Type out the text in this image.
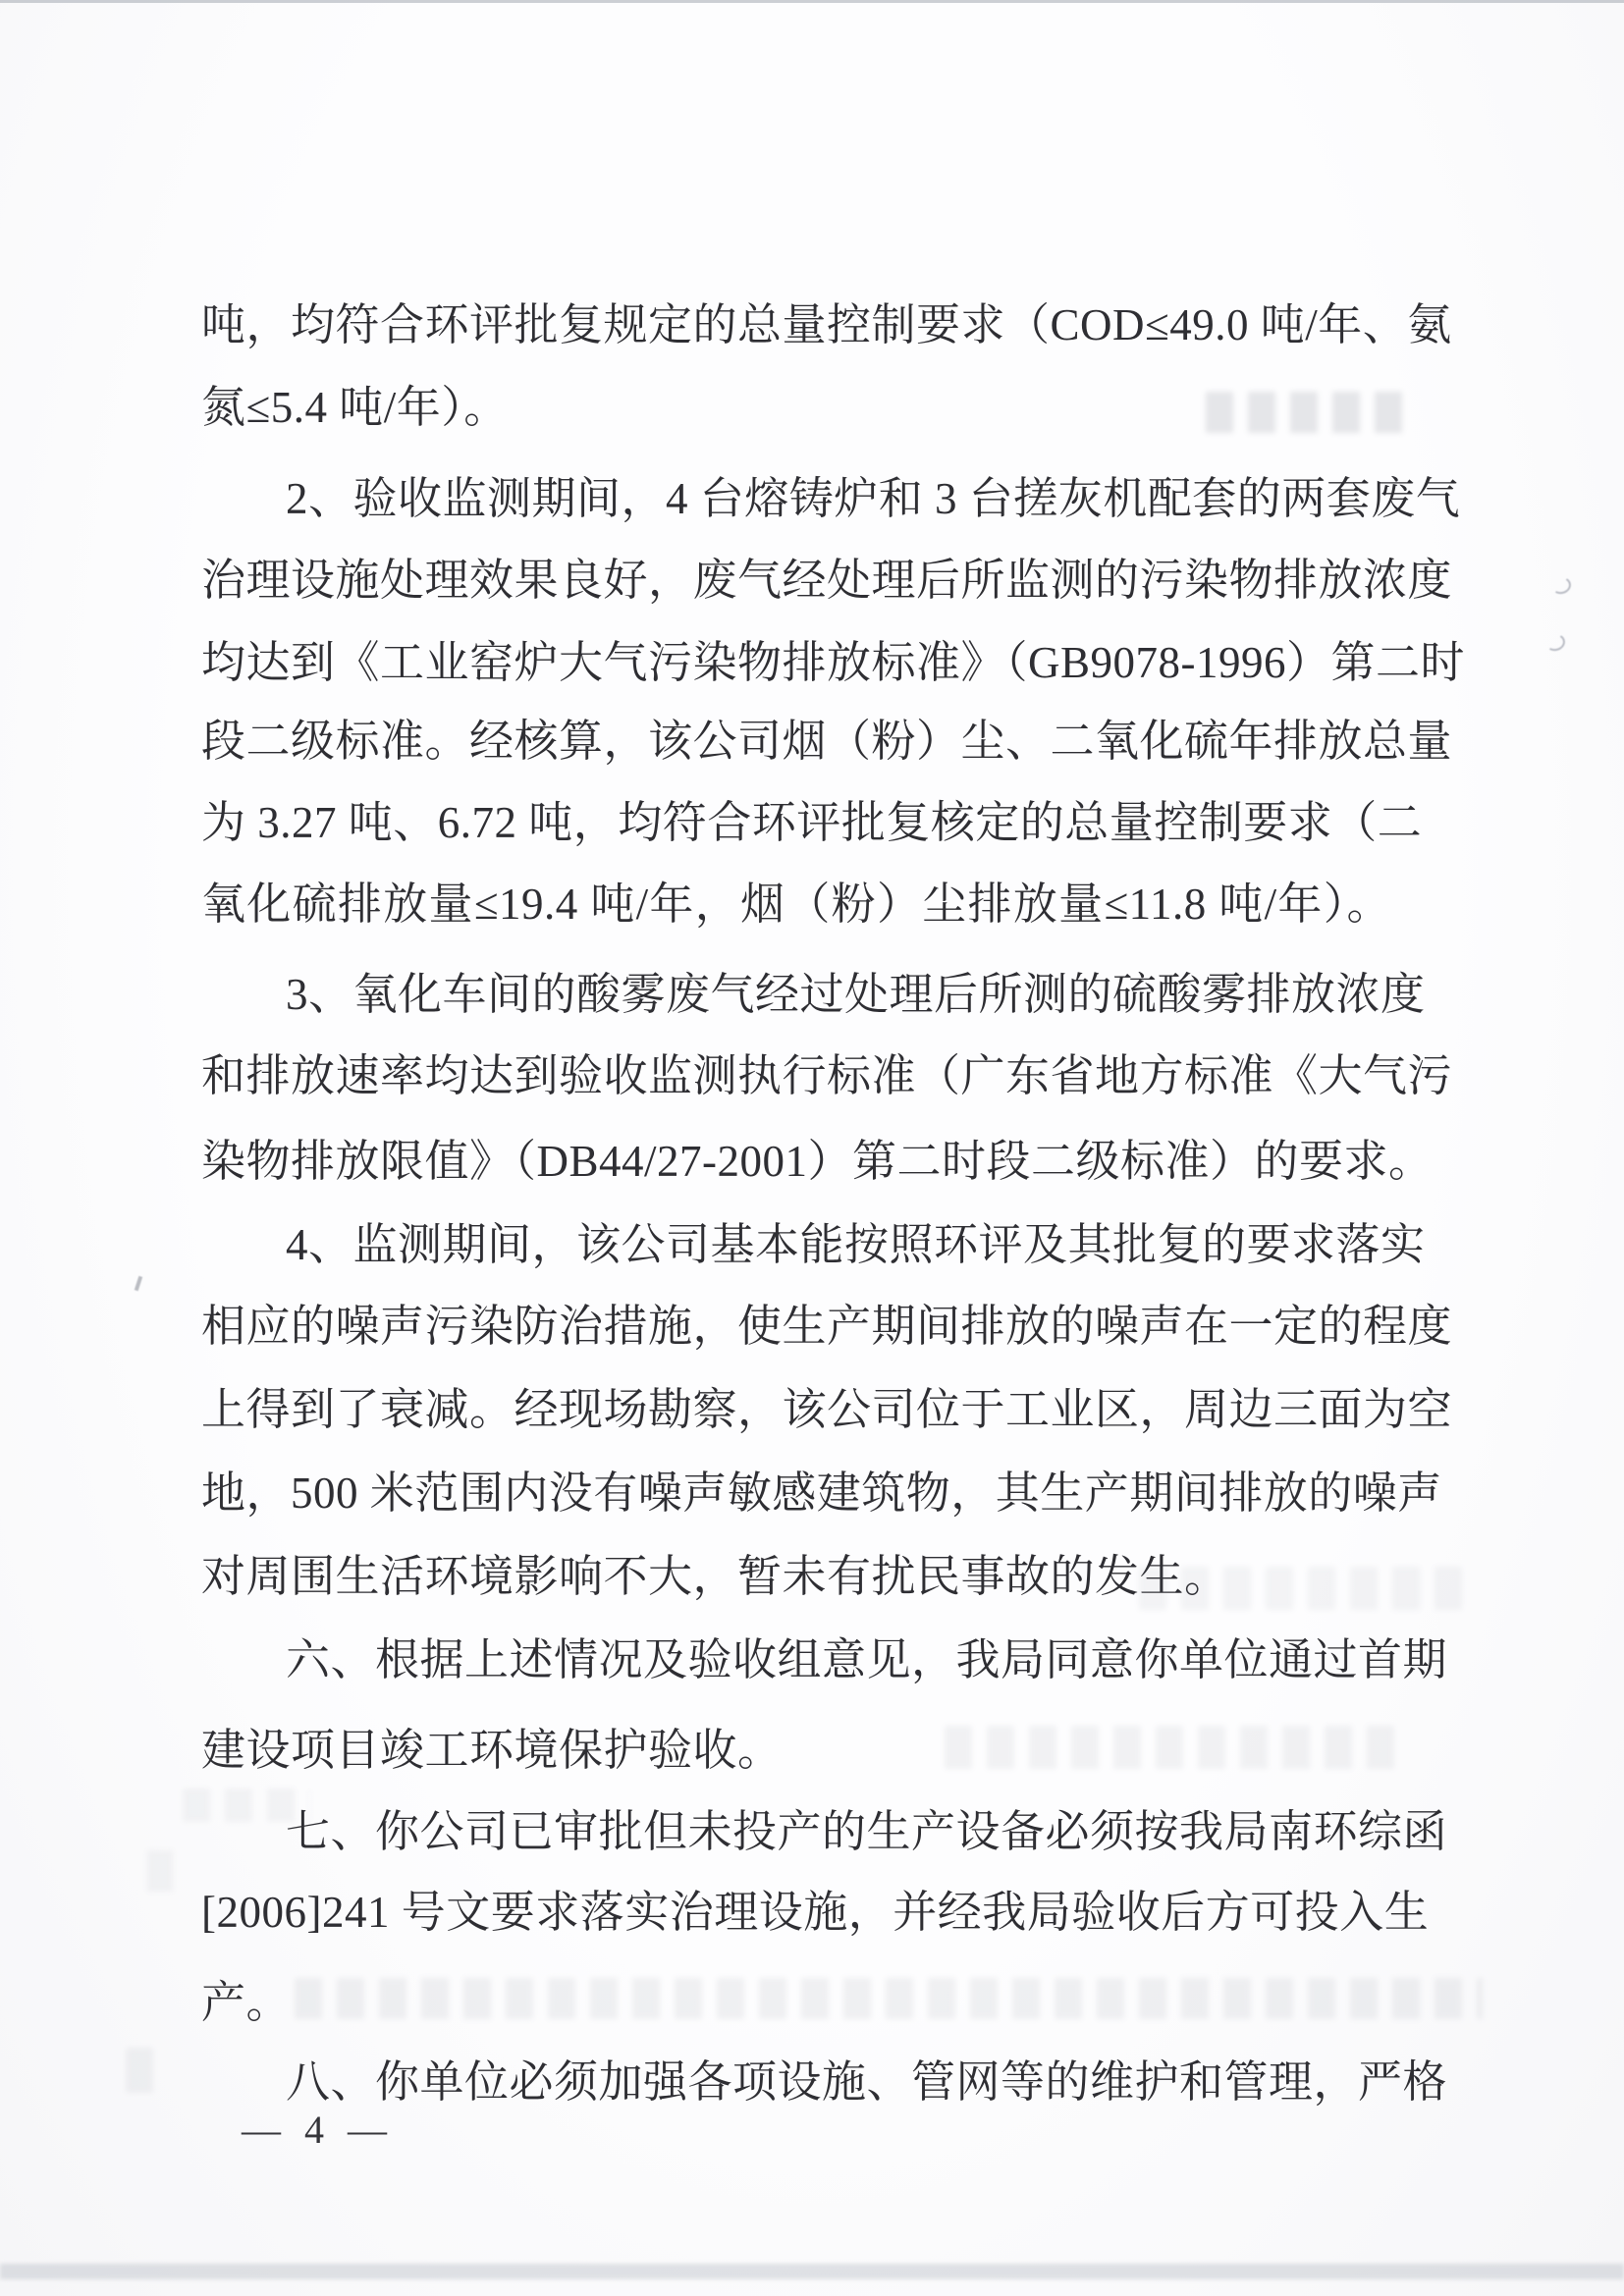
吨，均符合环评批复规定的总量控制要求（COD≤49.0 吨/年、氨
氮≤5.4 吨/年）。
2、验收监测期间，4 台熔铸炉和 3 台搓灰机配套的两套废气
治理设施处理效果良好，废气经处理后所监测的污染物排放浓度
均达到《工业窑炉大气污染物排放标准》（GB9078-1996）第二时
段二级标准。经核算，该公司烟（粉）尘、二氧化硫年排放总量
为 3.27 吨、6.72 吨，均符合环评批复核定的总量控制要求（二
氧化硫排放量≤19.4 吨/年，烟（粉）尘排放量≤11.8 吨/年）。
3、氧化车间的酸雾废气经过处理后所测的硫酸雾排放浓度
和排放速率均达到验收监测执行标准（广东省地方标准《大气污
染物排放限值》（DB44/27-2001）第二时段二级标准）的要求。
4、监测期间，该公司基本能按照环评及其批复的要求落实
相应的噪声污染防治措施，使生产期间排放的噪声在一定的程度
上得到了衰减。经现场勘察，该公司位于工业区，周边三面为空
地，500 米范围内没有噪声敏感建筑物，其生产期间排放的噪声
对周围生活环境影响不大，暂未有扰民事故的发生。
六、根据上述情况及验收组意见，我局同意你单位通过首期
建设项目竣工环境保护验收。
七、你公司已审批但未投产的生产设备必须按我局南环综函
[2006]241 号文要求落实治理设施，并经我局验收后方可投入生
产。
八、你单位必须加强各项设施、管网等的维护和管理，严格
— 4 —
